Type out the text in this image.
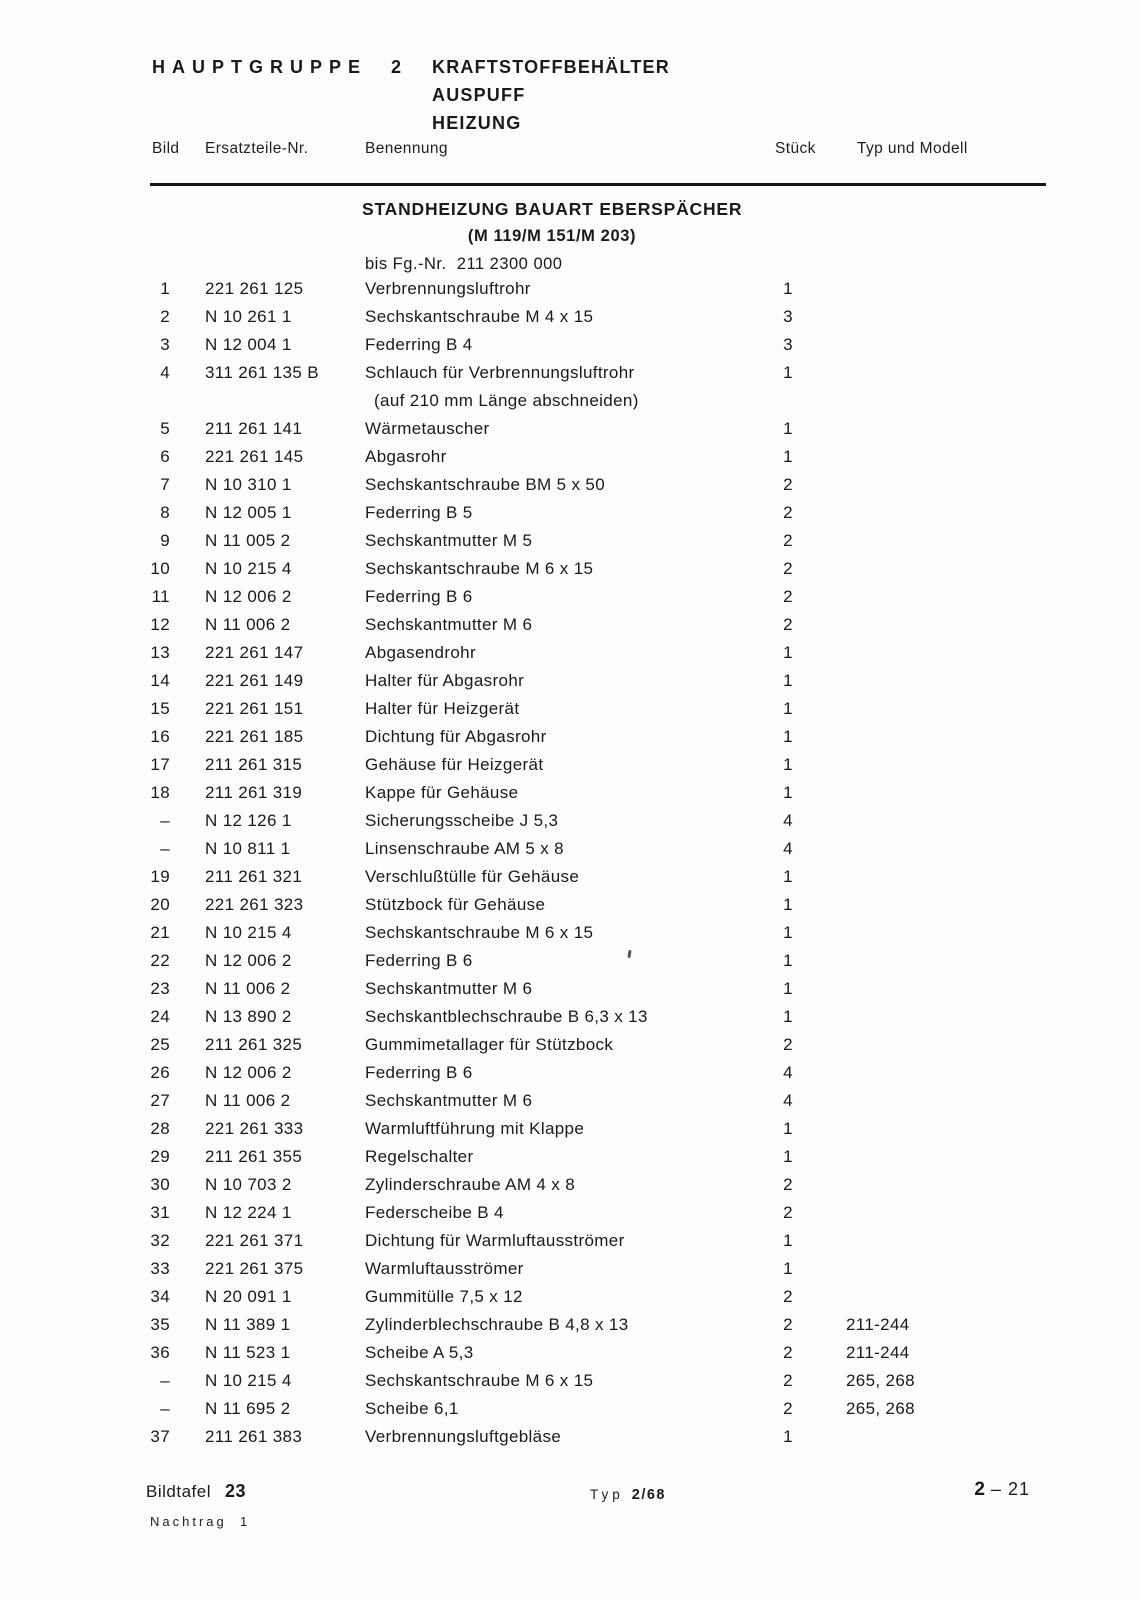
HAUPTGRUPPE  2 KRAFTSTOFFBEHÄLTER
AUSPUFF
HEIZUNG
Bild Ersatzteile-Nr.	Benennung	Stück	Typ und Modell
STANDHEIZUNG BAUART EBERSPÄCHER
(M 119/M 151/M 203)
bis Fg.-Nr.  211 2300 000
1 221 261 125	Verbrennungsluftrohr	1
2 N 10 261 1	Sechskantschraube M 4 x 15	3
3 N 12 004 1	Federring B 4	3
4 311 261 135 B	Schlauch für Verbrennungsluftrohr	1
(auf 210 mm Länge abschneiden)
5 211 261 141	Wärmetauscher	1
6 221 261 145	Abgasrohr	1
7 N 10 310 1	Sechskantschraube BM 5 x 50	2
8 N 12 005 1	Federring B 5	2
9 N 11 005 2	Sechskantmutter M 5	2
10 N 10 215 4	Sechskantschraube M 6 x 15	2
11 N 12 006 2	Federring B 6	2
12 N 11 006 2	Sechskantmutter M 6	2
13 221 261 147	Abgasendrohr	1
14 221 261 149	Halter für Abgasrohr	1
15 221 261 151	Halter für Heizgerät	1
16 221 261 185	Dichtung für Abgasrohr	1
17 211 261 315	Gehäuse für Heizgerät	1
18 211 261 319	Kappe für Gehäuse	1
– N 12 126 1	Sicherungsscheibe J 5,3	4
– N 10 811 1	Linsenschraube AM 5 x 8	4
19 211 261 321	Verschlußtülle für Gehäuse	1
20 221 261 323	Stützbock für Gehäuse	1
21 N 10 215 4	Sechskantschraube M 6 x 15	1
22 N 12 006 2	Federring B 6	1
23 N 11 006 2	Sechskantmutter M 6	1
24 N 13 890 2	Sechskantblechschraube B 6,3 x 13	1
25 211 261 325	Gummimetallager für Stützbock	2
26 N 12 006 2	Federring B 6	4
27 N 11 006 2	Sechskantmutter M 6	4
28 221 261 333	Warmluftführung mit Klappe	1
29 211 261 355	Regelschalter	1
30 N 10 703 2	Zylinderschraube AM 4 x 8	2
31 N 12 224 1	Federscheibe B 4	2
32 221 261 371	Dichtung für Warmluftausströmer	1
33 221 261 375	Warmluftausströmer	1
34 N 20 091 1	Gummitülle 7,5 x 12	2
35 N 11 389 1	Zylinderblechschraube B 4,8 x 13	2	211-244
36 N 11 523 1	Scheibe A 5,3	2	211-244
– N 10 215 4	Sechskantschraube M 6 x 15	2	265, 268
– N 11 695 2	Scheibe 6,1	2	265, 268
37 211 261 383	Verbrennungsluftgebläse	1
Bildtafel 23
Nachtrag  1
Typ 2/68	2 – 21
